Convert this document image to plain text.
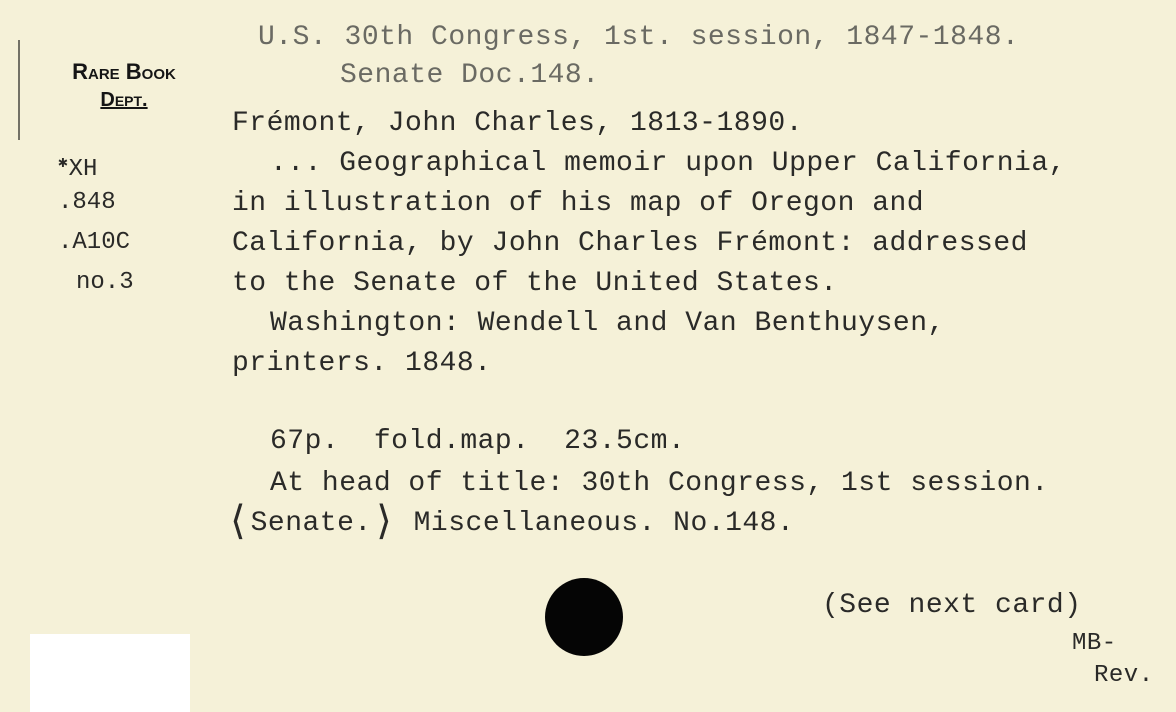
Rare Book
Dept.
✱XH
.848
.A10C
no.3
U.S. 30th Congress, 1st. session, 1847-1848.
Senate Doc.148.
Frémont, John Charles, 1813-1890.
... Geographical memoir upon Upper California,
in illustration of his map of Oregon and
California, by John Charles Frémont: addressed
to the Senate of the United States.
Washington: Wendell and Van Benthuysen,
printers. 1848.
67p.  fold.map.  23.5cm.
At head of title: 30th Congress, 1st session.
⟨Senate.⟩ Miscellaneous. No.148.
(See next card)
MB-
Rev.
